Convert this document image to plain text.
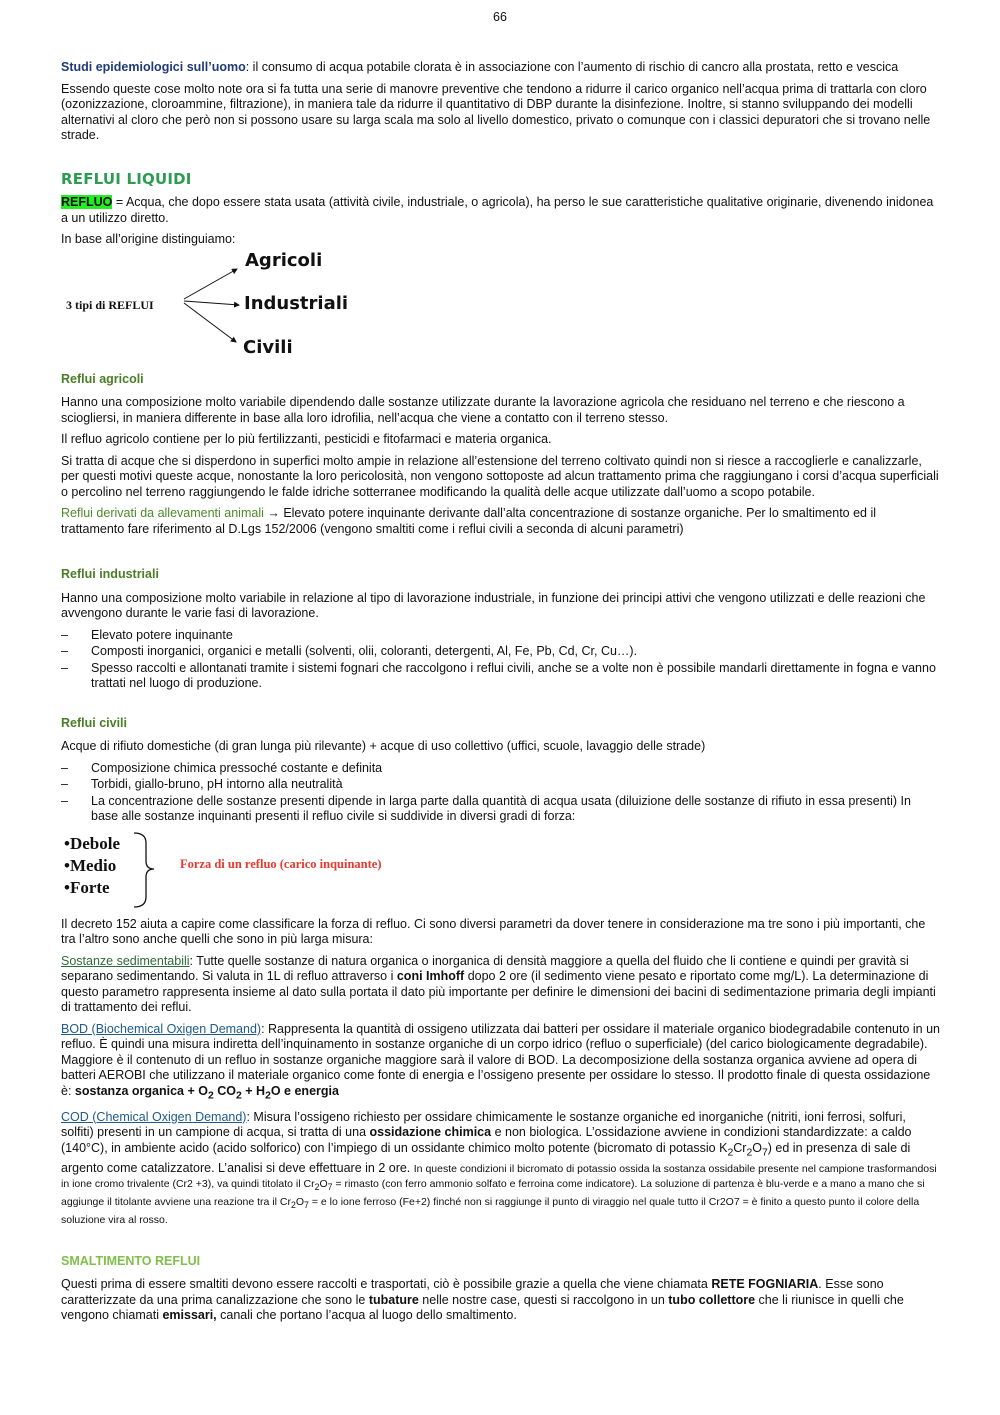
66

Studi epidemiologici sull’uomo: il consumo di acqua potabile clorata è in associazione con l’aumento di rischio di cancro alla prostata, retto e vescica

Essendo queste cose molto note ora si fa tutta una serie di manovre preventive che tendono a ridurre il carico organico nell’acqua prima di trattarla con cloro (ozonizzazione, cloroammine, filtrazione), in maniera tale da ridurre il quantitativo di DBP durante la disinfezione. Inoltre, si stanno sviluppando dei modelli alternativi al cloro che però non si possono usare su larga scala ma solo al livello domestico, privato o comunque con i classici depuratori che si trovano nelle strade.

REFLUI LIQUIDI

REFLUO = Acqua, che dopo essere stata usata (attività civile, industriale, o agricola), ha perso le sue caratteristiche qualitative originarie, divenendo inidonea a un utilizzo diretto.

In base all’origine distinguiamo:

3 tipi di REFLUI
Agricoli
Industriali
Civili
Reflui agricoli

Hanno una composizione molto variabile dipendendo dalle sostanze utilizzate durante la lavorazione agricola che residuano nel terreno e che riescono a sciogliersi, in maniera differente in base alla loro idrofilia, nell’acqua che viene a contatto con il terreno stesso.

Il refluo agricolo contiene per lo più fertilizzanti, pesticidi e fitofarmaci e materia organica.

Si tratta di acque che si disperdono in superfici molto ampie in relazione all’estensione del terreno coltivato quindi non si riesce a raccoglierle e canalizzarle, per questi motivi queste acque, nonostante la loro pericolosità, non vengono sottoposte ad alcun trattamento prima che raggiungano i corsi d’acqua superficiali o percolino nel terreno raggiungendo le falde idriche sotterranee modificando la qualità delle acque utilizzate dall’uomo a scopo potabile.

Reflui derivati da allevamenti animali → Elevato potere inquinante derivante dall’alta concentrazione di sostanze organiche. Per lo smaltimento ed il trattamento fare riferimento al D.Lgs 152/2006 (vengono smaltiti come i reflui civili a seconda di alcuni parametri)

Reflui industriali

Hanno una composizione molto variabile in relazione al tipo di lavorazione industriale, in funzione dei principi attivi che vengono utilizzati e delle reazioni che avvengono durante le varie fasi di lavorazione.

– Elevato potere inquinante
– Composti inorganici, organici e metalli (solventi, olii, coloranti, detergenti, Al, Fe, Pb, Cd, Cr, Cu…).
– Spesso raccolti e allontanati tramite i sistemi fognari che raccolgono i reflui civili, anche se a volte non è possibile mandarli direttamente in fogna e vanno trattati nel luogo di produzione.
Reflui civili

Acque di rifiuto domestiche (di gran lunga più rilevante) + acque di uso collettivo (uffici, scuole, lavaggio delle strade)

– Composizione chimica pressoché costante e definita
– Torbidi, giallo-bruno, pH intorno alla neutralità
– La concentrazione delle sostanze presenti dipende in larga parte dalla quantità di acqua usata (diluizione delle sostanze di rifiuto in essa presenti) In base alle sostanze inquinanti presenti il refluo civile si suddivide in diversi gradi di forza:
•Debole
•Medio
•Forte
Forza di un refluo (carico inquinante)

Il decreto 152 aiuta a capire come classificare la forza di refluo. Ci sono diversi parametri da dover tenere in considerazione ma tre sono i più importanti, che tra l’altro sono anche quelli che sono in più larga misura:

Sostanze sedimentabili: Tutte quelle sostanze di natura organica o inorganica di densità maggiore a quella del fluido che li contiene e quindi per gravità si separano sedimentando. Si valuta in 1L di refluo attraverso i coni Imhoff dopo 2 ore (il sedimento viene pesato e riportato come mg/L). La determinazione di questo parametro rappresenta insieme al dato sulla portata il dato più importante per definire le dimensioni dei bacini di sedimentazione primaria degli impianti di trattamento dei reflui.

BOD (Biochemical Oxigen Demand): Rappresenta la quantità di ossigeno utilizzata dai batteri per ossidare il materiale organico biodegradabile contenuto in un refluo. È quindi una misura indiretta dell’inquinamento in sostanze organiche di un corpo idrico (refluo o superficiale) (del carico biologicamente degradabile). Maggiore è il contenuto di un refluo in sostanze organiche maggiore sarà il valore di BOD. La decomposizione della sostanza organica avviene ad opera di batteri AEROBI che utilizzano il materiale organico come fonte di energia e l’ossigeno presente per ossidare lo stesso. Il prodotto finale di questa ossidazione è: sostanza organica + $O_2$ $CO_2 + H_2O$ e energia

COD (Chemical Oxigen Demand): Misura l’ossigeno richiesto per ossidare chimicamente le sostanze organiche ed inorganiche (nitriti, ioni ferrosi, solfuri, solfiti) presenti in un campione di acqua, si tratta di una ossidazione chimica e non biologica. L’ossidazione avviene in condizioni standardizzate: a caldo (140°C), in ambiente acido (acido solforico) con l’impiego di un ossidante chimico molto potente (bicromato di potassio $K_2Cr_2O_7$) ed in presenza di sale di argento come catalizzatore. L’analisi si deve effettuare in 2 ore. In queste condizioni il bicromato di potassio ossida la sostanza ossidabile presente nel campione trasformandosi in ione cromo trivalente (Cr2 +3), va quindi titolato il $Cr_2O_7$ = rimasto (con ferro ammonio solfato e ferroina come indicatore). La soluzione di partenza è blu-verde e a mano a mano che si aggiunge il titolante avviene una reazione tra il $Cr_2O_7 = e$ lo ione ferroso (Fe+2) finché non si raggiunge il punto di viraggio nel quale tutto il Cr2O7 = è finito a questo punto il colore della soluzione vira al rosso.

SMALTIMENTO REFLUI

Questi prima di essere smaltiti devono essere raccolti e trasportati, ciò è possibile grazie a quella che viene chiamata RETE FOGNIARIA. Esse sono caratterizzate da una prima canalizzazione che sono le tubature nelle nostre case, questi si raccolgono in un tubo collettore che li riunisce in quelli che vengono chiamati emissari, canali che portano l’acqua al luogo dello smaltimento.
